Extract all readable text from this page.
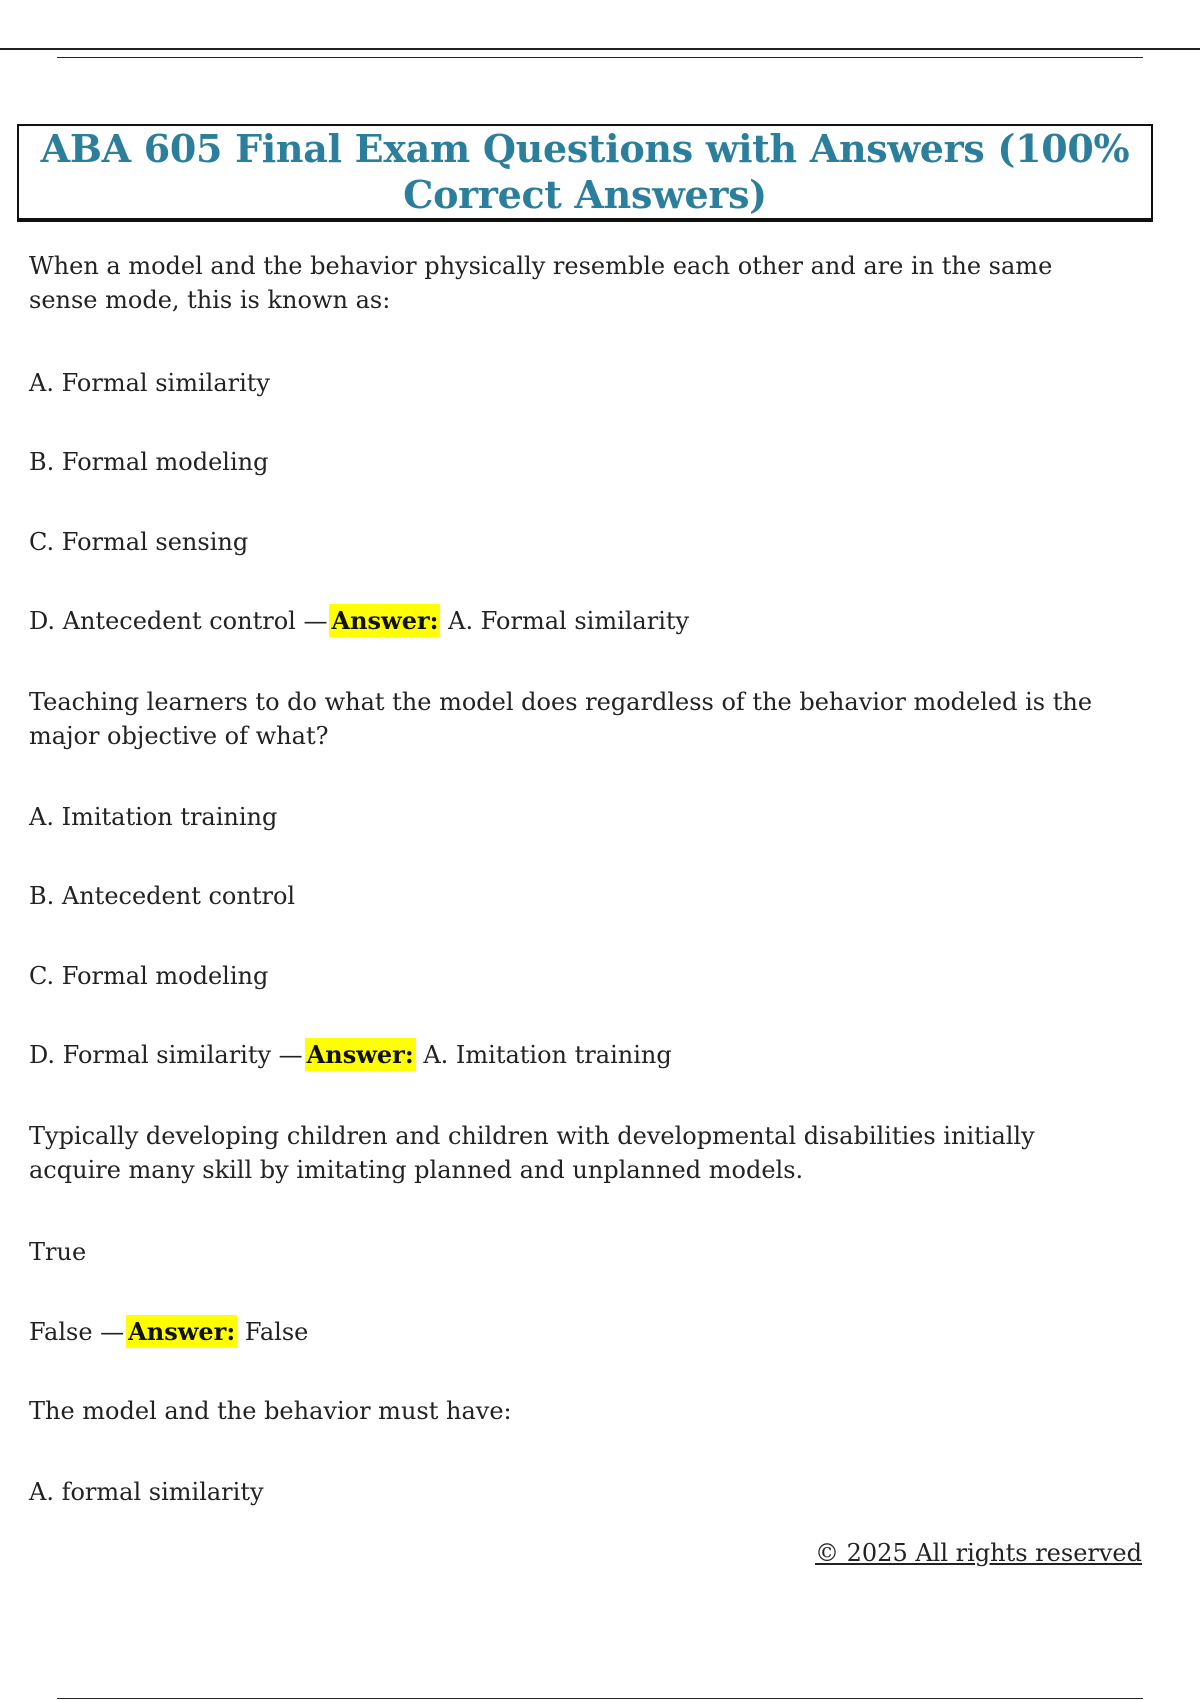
ABA 605 Final Exam Questions with Answers (100% Correct Answers)

When a model and the behavior physically resemble each other and are in the same sense mode, this is known as:

A. Formal similarity

B. Formal modeling

C. Formal sensing

D. Antecedent control — Answer: A. Formal similarity

Teaching learners to do what the model does regardless of the behavior modeled is the major objective of what?

A. Imitation training

B. Antecedent control

C. Formal modeling

D. Formal similarity — Answer: A. Imitation training

Typically developing children and children with developmental disabilities initially acquire many skill by imitating planned and unplanned models.

True

False — Answer: False

The model and the behavior must have:

A. formal similarity

© 2025 All rights reserved
